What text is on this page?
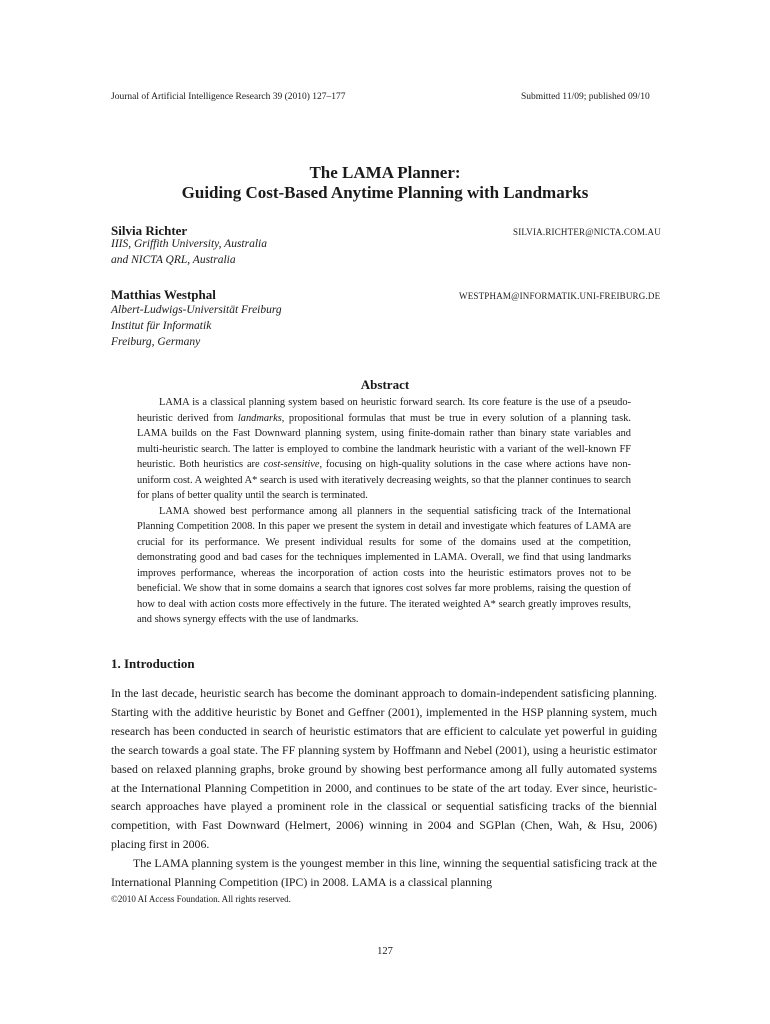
Journal of Artificial Intelligence Research 39 (2010) 127–177	Submitted 11/09; published 09/10
The LAMA Planner:
Guiding Cost-Based Anytime Planning with Landmarks
Silvia Richter	SILVIA.RICHTER@NICTA.COM.AU
IIIS, Griffith University, Australia
and NICTA QRL, Australia
Matthias Westphal	WESTPHAM@INFORMATIK.UNI-FREIBURG.DE
Albert-Ludwigs-Universität Freiburg
Institut für Informatik
Freiburg, Germany
Abstract

LAMA is a classical planning system based on heuristic forward search. Its core feature is the use of a pseudo-heuristic derived from landmarks, propositional formulas that must be true in every solution of a planning task. LAMA builds on the Fast Downward planning system, using finite-domain rather than binary state variables and multi-heuristic search. The latter is employed to combine the landmark heuristic with a variant of the well-known FF heuristic. Both heuristics are cost-sensitive, focusing on high-quality solutions in the case where actions have non-uniform cost. A weighted A* search is used with iteratively decreasing weights, so that the planner continues to search for plans of better quality until the search is terminated.

LAMA showed best performance among all planners in the sequential satisficing track of the International Planning Competition 2008. In this paper we present the system in detail and investigate which features of LAMA are crucial for its performance. We present individual results for some of the domains used at the competition, demonstrating good and bad cases for the techniques implemented in LAMA. Overall, we find that using landmarks improves performance, whereas the incorporation of action costs into the heuristic estimators proves not to be beneficial. We show that in some domains a search that ignores cost solves far more problems, raising the question of how to deal with action costs more effectively in the future. The iterated weighted A* search greatly improves results, and shows synergy effects with the use of landmarks.

1. Introduction

In the last decade, heuristic search has become the dominant approach to domain-independent satisficing planning. Starting with the additive heuristic by Bonet and Geffner (2001), implemented in the HSP planning system, much research has been conducted in search of heuristic estimators that are efficient to calculate yet powerful in guiding the search towards a goal state. The FF planning system by Hoffmann and Nebel (2001), using a heuristic estimator based on relaxed planning graphs, broke ground by showing best performance among all fully automated systems at the International Planning Competition in 2000, and continues to be state of the art today. Ever since, heuristic-search approaches have played a prominent role in the classical or sequential satisficing tracks of the biennial competition, with Fast Downward (Helmert, 2006) winning in 2004 and SGPlan (Chen, Wah, & Hsu, 2006) placing first in 2006.

The LAMA planning system is the youngest member in this line, winning the sequential satisficing track at the International Planning Competition (IPC) in 2008. LAMA is a classical planning

©2010 AI Access Foundation. All rights reserved.
127
